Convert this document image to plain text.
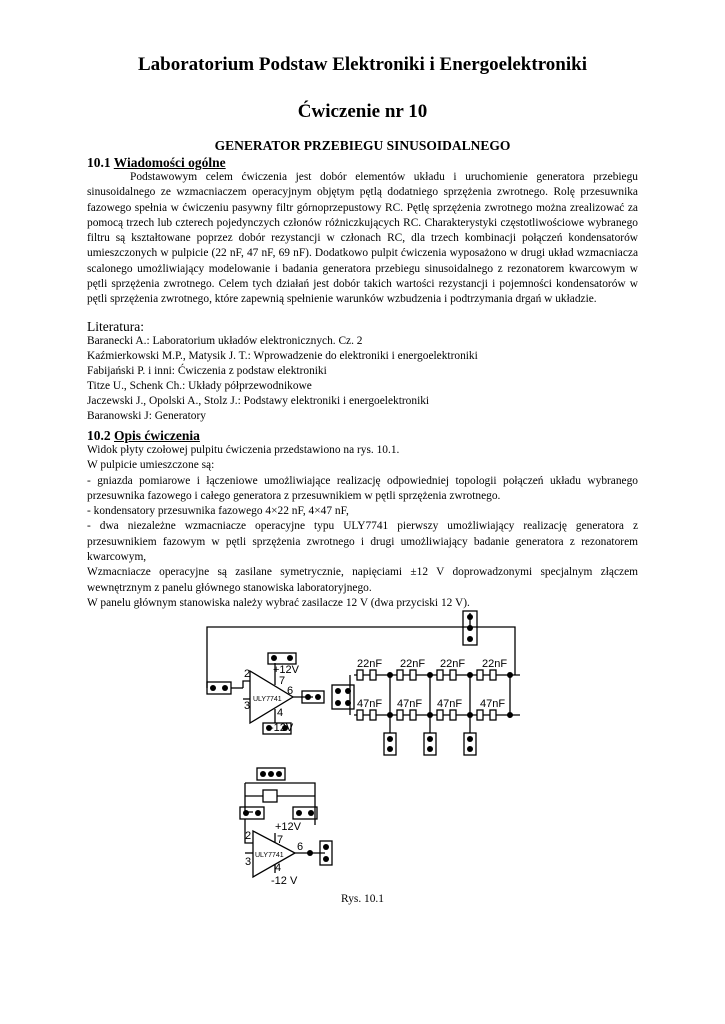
Laboratorium Podstaw Elektroniki i Energoelektroniki
Ćwiczenie nr 10
GENERATOR PRZEBIEGU SINUSOIDALNEGO
10.1 Wiadomości ogólne

Podstawowym celem ćwiczenia jest dobór elementów układu i uruchomienie generatora przebiegu sinusoidalnego ze wzmacniaczem operacyjnym objętym pętlą dodatniego sprzężenia zwrotnego. Rolę przesuwnika fazowego spełnia w ćwiczeniu pasywny filtr górnoprzepustowy RC. Pętlę sprzężenia zwrotnego można zrealizować za pomocą trzech lub czterech pojedynczych członów różniczkujących RC. Charakterystyki częstotliwościowe wybranego filtru są kształtowane poprzez dobór rezystancji w członach RC, dla trzech kombinacji połączeń kondensatorów umieszczonych w pulpicie (22 nF, 47 nF, 69 nF). Dodatkowo pulpit ćwiczenia wyposażono w drugi układ wzmacniacza scalonego umożliwiający modelowanie i badania generatora przebiegu sinusoidalnego z rezonatorem kwarcowym w pętli sprzężenia zwrotnego. Celem tych działań jest dobór takich wartości rezystancji i pojemności kondensatorów w pętli sprzężenia zwrotnego, które zapewnią spełnienie warunków wzbudzenia i podtrzymania drgań w układzie.

Literatura:
Baranecki A.: Laboratorium układów elektronicznych. Cz. 2
Kaźmierkowski M.P., Matysik J. T.: Wprowadzenie do elektroniki i energoelektroniki
Fabijański P. i inni: Ćwiczenia z podstaw elektroniki
Titze U., Schenk Ch.: Układy półprzewodnikowe
Jaczewski J., Opolski A., Stolz J.: Podstawy elektroniki i energoelektroniki
Baranowski J: Generatory
10.2 Opis ćwiczenia

Widok płyty czołowej pulpitu ćwiczenia przedstawiono na rys. 10.1.

W pulpicie umieszczone są:

- gniazda pomiarowe i łączeniowe umożliwiające realizację odpowiedniej topologii połączeń układu wybranego przesuwnika fazowego i całego generatora z przesuwnikiem w pętli sprzężenia zwrotnego.

- kondensatory przesuwnika fazowego 4×22 nF, 4×47 nF,

- dwa niezależne wzmacniacze operacyjne typu ULY7741 pierwszy umożliwiający realizację generatora z przesuwnikiem fazowym w pętli sprzężenia zwrotnego i drugi umożliwiający badanie generatora z rezonatorem kwarcowym,

Wzmacniacze operacyjne są zasilane symetrycznie, napięciami ±12 V doprowadzonymi specjalnym złączem wewnętrznym z panelu głównego stanowiska laboratoryjnego.

W panelu głównym stanowiska należy wybrać zasilacze 12 V (dwa przyciski 12 V).

+12V
-12V
22nF 22nF 22nF 22nF
47nF 47nF 47nF 47nF
2
3
7
4
6
ULY7741
+12V
-12 V
2
3
7
4
6
ULY7741
Rys. 10.1
